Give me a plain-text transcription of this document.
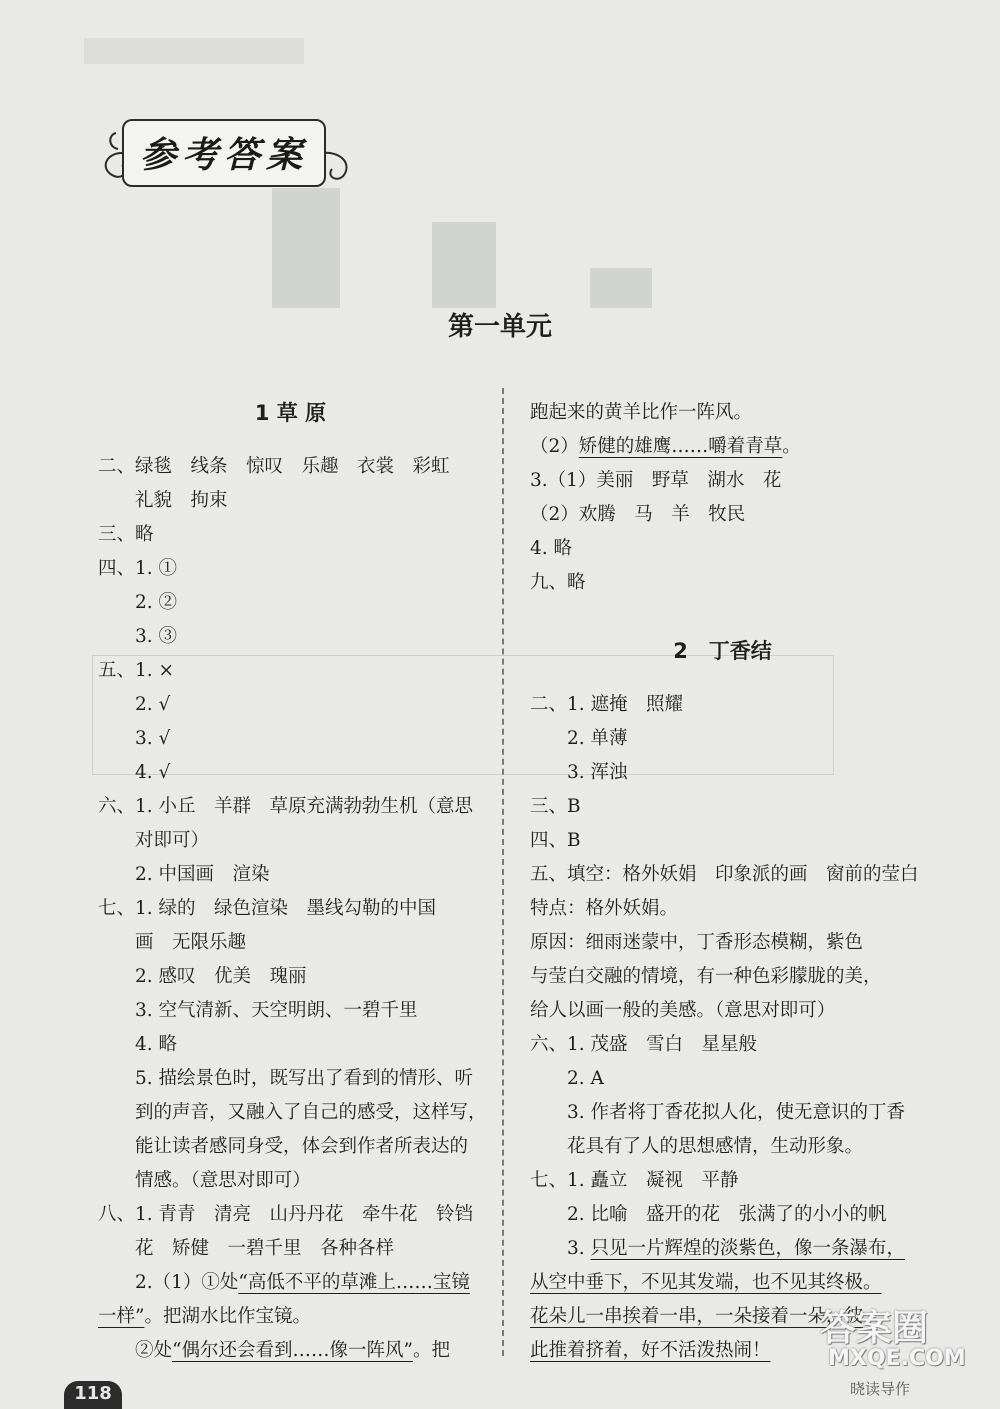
参考答案
第一单元
1 草 原
二、绿毯　线条　惊叹　乐趣　衣裳　彩虹
　　礼貌　拘束
三、略
四、1. ①
　　2. ②
　　3. ③
五、1. ×
　　2. √
　　3. √
　　4. √
六、1. 小丘　羊群　草原充满勃勃生机（意思
　　对即可）
　　2. 中国画　渲染
七、1. 绿的　绿色渲染　墨线勾勒的中国
　　画　无限乐趣
　　2. 感叹　优美　瑰丽
　　3. 空气清新、天空明朗、一碧千里
　　4. 略
　　5. 描绘景色时，既写出了看到的情形、听
　　到的声音，又融入了自己的感受，这样写，
　　能让读者感同身受，体会到作者所表达的
　　情感。（意思对即可）
八、1. 青青　清亮　山丹丹花　牵牛花　铃铛
　　花　矫健　一碧千里　各种各样
　　2.（1）①处“高低不平的草滩上……宝镜
一样”。把湖水比作宝镜。
　　②处“偶尔还会看到……像一阵风”。把
跑起来的黄羊比作一阵风。
（2）矫健的雄鹰……嚼着青草。
3.（1）美丽　野草　湖水　花
（2）欢腾　马　羊　牧民
4. 略
九、略
2　丁香结
二、1. 遮掩　照耀
　　2. 单薄
　　3. 浑浊
三、B
四、B
五、填空：格外妖娟　印象派的画　窗前的莹白
特点：格外妖娟。
原因：细雨迷蒙中，丁香形态模糊，紫色
与莹白交融的情境，有一种色彩朦胧的美，
给人以画一般的美感。（意思对即可）
六、1. 茂盛　雪白　星星般
　　2. A
　　3. 作者将丁香花拟人化，使无意识的丁香
　　花具有了人的思想感情，生动形象。
七、1. 矗立　凝视　平静
　　2. 比喻　盛开的花　张满了的小小的帆
　　3. 只见一片辉煌的淡紫色，像一条瀑布，
从空中垂下，不见其发端，也不见其终极。
花朵儿一串挨着一串，一朵接着一朵，彼
此推着挤着，好不活泼热闹！
118
答案圈
MXQE.COM
晓读导作
